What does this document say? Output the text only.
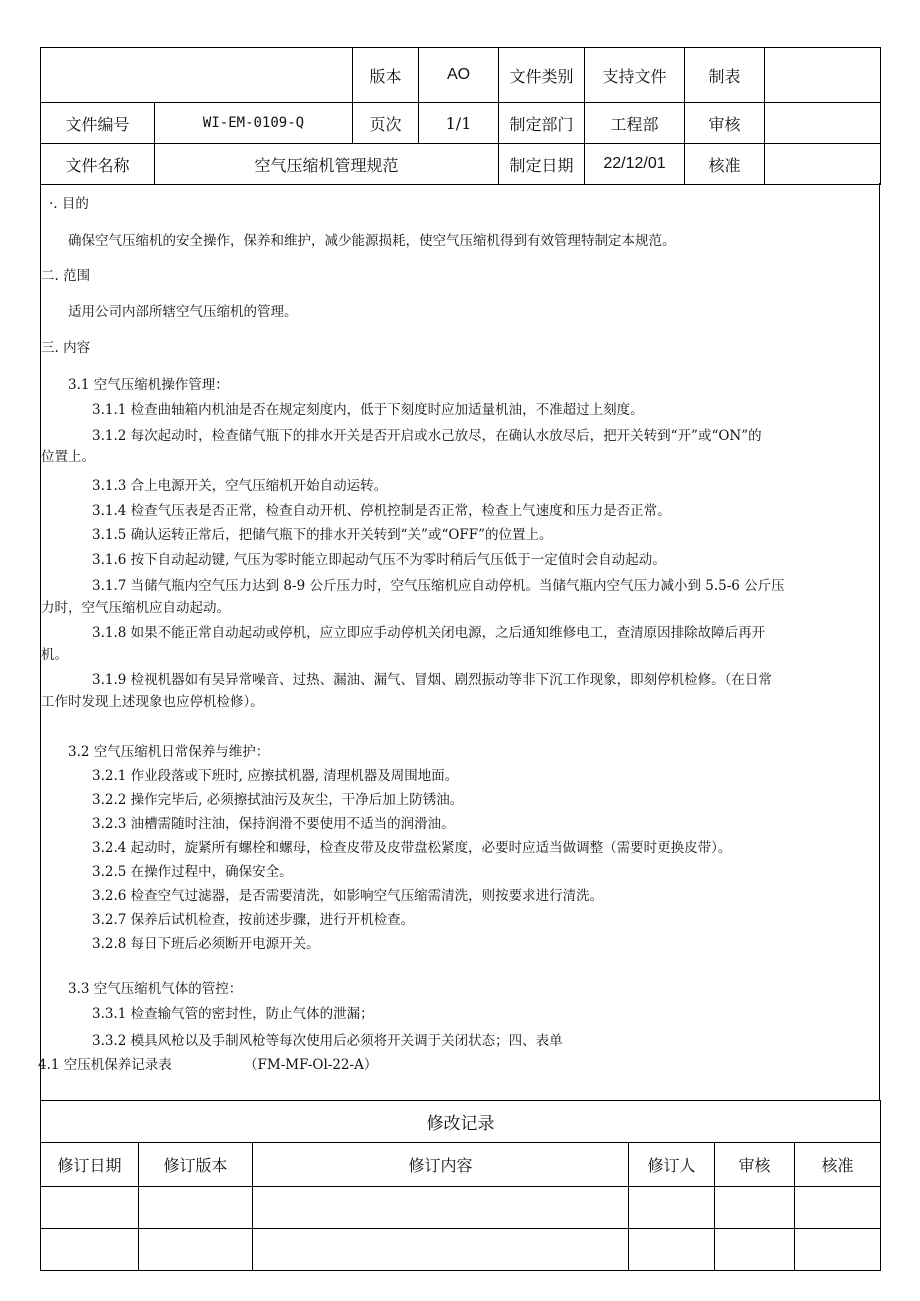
		版本	AO	文件类别	支持文件	制表	
文件编号	WI-EM-0109-Q	页次	1/1	制定部门	工程部	审核	
文件名称	空气压缩机管理规范			制定日期	22/12/01	核准	
·. 目的
确保空气压缩机的安全操作，保养和维护，减少能源损耗，使空气压缩机得到有效管理特制定本规范。
二. 范围
适用公司内部所辖空气压缩机的管理。
三. 内容
3.1 空气压缩机操作管理：
3.1.1 检查曲轴箱内机油是否在规定刻度内，低于下刻度时应加适量机油，不准超过上刻度。
3.1.2 每次起动时，检查储气瓶下的排水开关是否开启或水己放尽，在确认水放尽后，把开关转到“开”或“ON”的
位置上。
3.1.3 合上电源开关，空气压缩机开始自动运转。
3.1.4 检查气压表是否正常，检查自动开机、停机控制是否正常，检查上气速度和压力是否正常。
3.1.5 确认运转正常后，把储气瓶下的排水开关转到“关”或“OFF”的位置上。
3.1.6 按下自动起动键, 气压为零时能立即起动气压不为零时稍后气压低于一定值时会自动起动。
3.1.7 当储气瓶内空气压力达到 8-9 公斤压力时，空气压缩机应自动停机。当储气瓶内空气压力减小到 5.5-6 公斤压
力时，空气压缩机应自动起动。
3.1.8 如果不能正常自动起动或停机，应立即应手动停机关闭电源，之后通知维修电工，查清原因排除故障后再开
机。
3.1.9 检视机器如有吴异常噪音、过热、漏油、漏气、冒烟、剧烈振动等非下沉工作现象，即刻停机检修。（在日常
工作时发现上述现象也应停机检修）。
3.2 空气压缩机日常保养与维护：
3.2.1 作业段落或下班时, 应擦拭机器, 清理机器及周围地面。
3.2.2 操作完毕后, 必须擦拭油污及灰尘，干净后加上防锈油。
3.2.3 油槽需随时注油，保持润滑不要使用不适当的润滑油。
3.2.4 起动时，旋紧所有螺栓和螺母，检查皮带及皮带盘松紧度，必要时应适当做调整（需要时更换皮带）。
3.2.5 在操作过程中，确保安全。
3.2.6 检查空气过滤器，是否需要清洗，如影响空气压缩需清洗，则按要求进行清洗。
3.2.7 保养后试机检查，按前述步骤，进行开机检查。
3.2.8 每日下班后必须断开电源开关。
3.3 空气压缩机气体的管控：
3.3.1 检查输气管的密封性，防止气体的泄漏；
3.3.2 模具风枪以及手制风枪等每次使用后必须将开关调于关闭状态；四、表单
4.1 空压机保养记录表	（FM-MF-Ol-22-A）
修改记录					
修订日期	修订版本	修订内容	修订人	审核	核准
